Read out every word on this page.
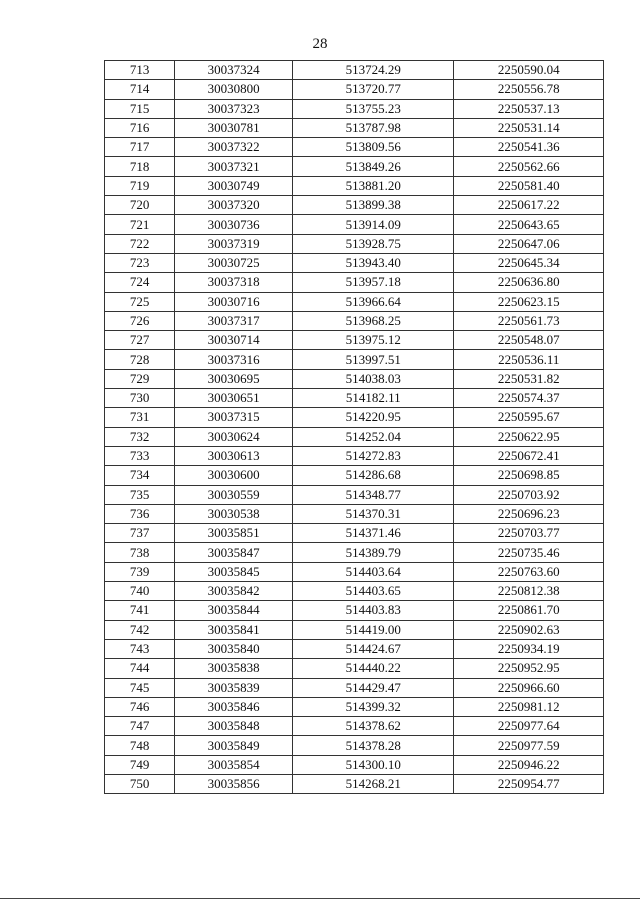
28
713	30037324	513724.29	2250590.04
714	30030800	513720.77	2250556.78
715	30037323	513755.23	2250537.13
716	30030781	513787.98	2250531.14
717	30037322	513809.56	2250541.36
718	30037321	513849.26	2250562.66
719	30030749	513881.20	2250581.40
720	30037320	513899.38	2250617.22
721	30030736	513914.09	2250643.65
722	30037319	513928.75	2250647.06
723	30030725	513943.40	2250645.34
724	30037318	513957.18	2250636.80
725	30030716	513966.64	2250623.15
726	30037317	513968.25	2250561.73
727	30030714	513975.12	2250548.07
728	30037316	513997.51	2250536.11
729	30030695	514038.03	2250531.82
730	30030651	514182.11	2250574.37
731	30037315	514220.95	2250595.67
732	30030624	514252.04	2250622.95
733	30030613	514272.83	2250672.41
734	30030600	514286.68	2250698.85
735	30030559	514348.77	2250703.92
736	30030538	514370.31	2250696.23
737	30035851	514371.46	2250703.77
738	30035847	514389.79	2250735.46
739	30035845	514403.64	2250763.60
740	30035842	514403.65	2250812.38
741	30035844	514403.83	2250861.70
742	30035841	514419.00	2250902.63
743	30035840	514424.67	2250934.19
744	30035838	514440.22	2250952.95
745	30035839	514429.47	2250966.60
746	30035846	514399.32	2250981.12
747	30035848	514378.62	2250977.64
748	30035849	514378.28	2250977.59
749	30035854	514300.10	2250946.22
750	30035856	514268.21	2250954.77
